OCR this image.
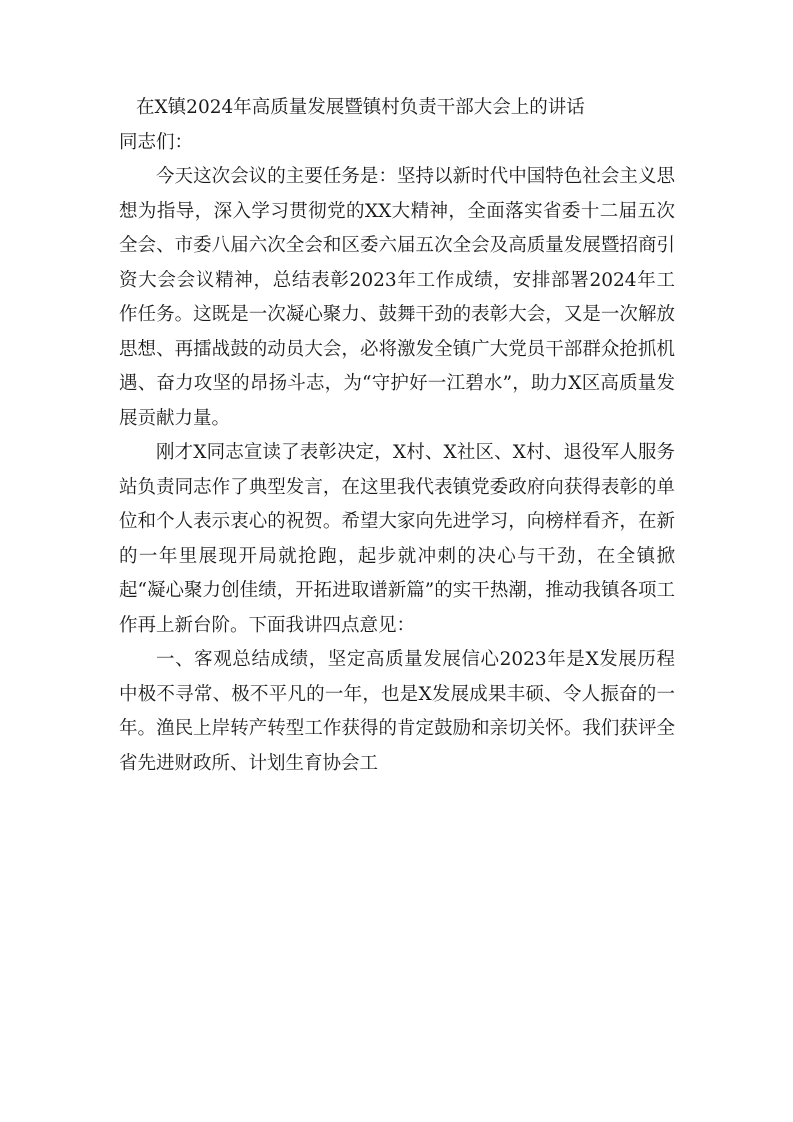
在X镇2024年高质量发展暨镇村负责干部大会上的讲话

同志们：

今天这次会议的主要任务是：坚持以新时代中国特色社会主义思想为指导，深入学习贯彻党的XX大精神，全面落实省委十二届五次全会、市委八届六次全会和区委六届五次全会及高质量发展暨招商引资大会会议精神，总结表彰2023年工作成绩，安排部署2024年工作任务。这既是一次凝心聚力、鼓舞干劲的表彰大会，又是一次解放思想、再擂战鼓的动员大会，必将激发全镇广大党员干部群众抢抓机遇、奋力攻坚的昂扬斗志，为“守护好一江碧水”，助力X区高质量发展贡献力量。

刚才X同志宣读了表彰决定，X村、X社区、X村、退役军人服务站负责同志作了典型发言，在这里我代表镇党委政府向获得表彰的单位和个人表示衷心的祝贺。希望大家向先进学习，向榜样看齐，在新的一年里展现开局就抢跑，起步就冲刺的决心与干劲，在全镇掀起“凝心聚力创佳绩，开拓进取谱新篇”的实干热潮，推动我镇各项工作再上新台阶。下面我讲四点意见：

一、客观总结成绩，坚定高质量发展信心2023年是X发展历程中极不寻常、极不平凡的一年，也是X发展成果丰硕、令人振奋的一年。渔民上岸转产转型工作获得的肯定鼓励和亲切关怀。我们获评全省先进财政所、计划生育协会工
